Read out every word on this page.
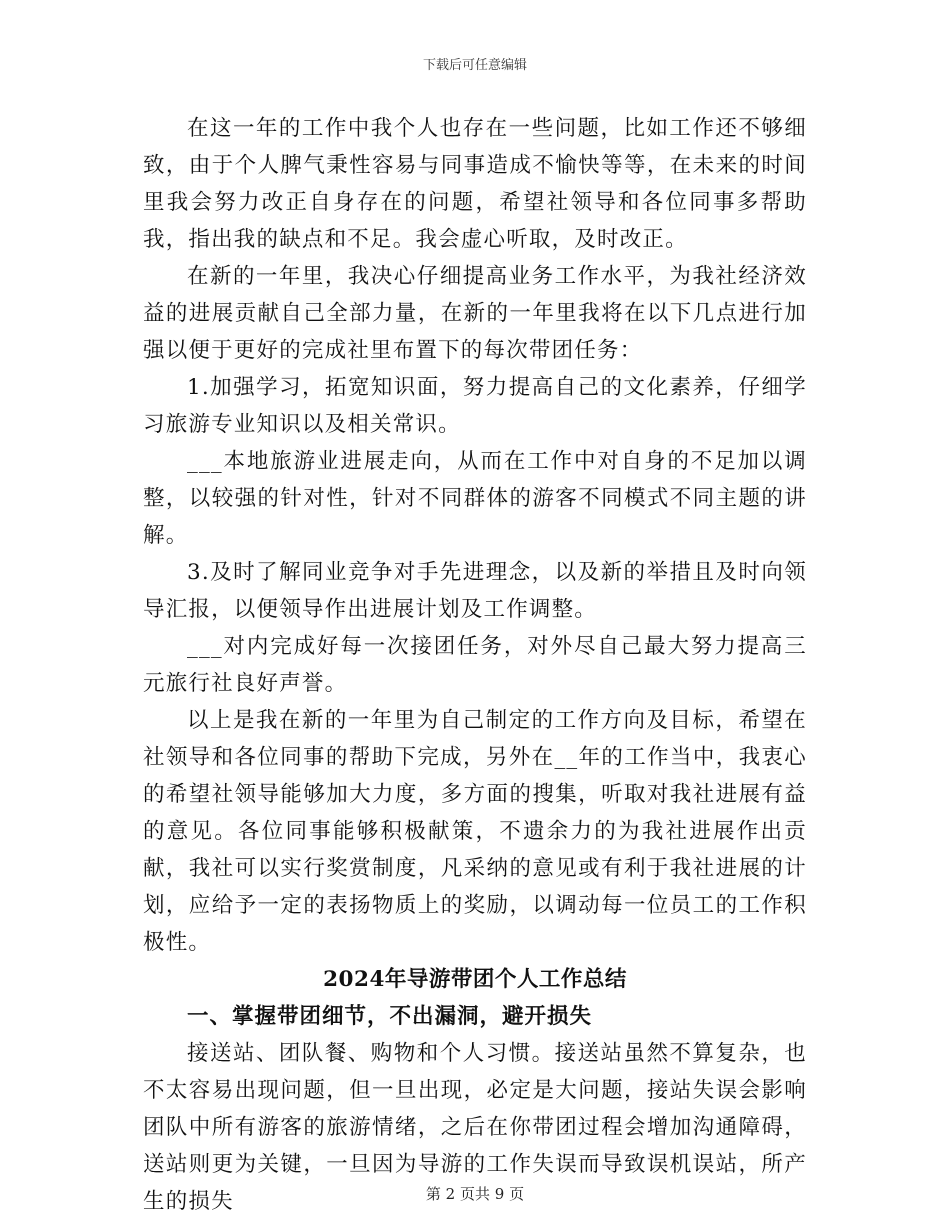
下载后可任意编辑

在这一年的工作中我个人也存在一些问题，比如工作还不够细致，由于个人脾气秉性容易与同事造成不愉快等等，在未来的时间里我会努力改正自身存在的问题，希望社领导和各位同事多帮助我，指出我的缺点和不足。我会虚心听取，及时改正。

在新的一年里，我决心仔细提高业务工作水平，为我社经济效益的进展贡献自己全部力量，在新的一年里我将在以下几点进行加强以便于更好的完成社里布置下的每次带团任务：

1.加强学习，拓宽知识面，努力提高自己的文化素养，仔细学习旅游专业知识以及相关常识。

___本地旅游业进展走向，从而在工作中对自身的不足加以调整，以较强的针对性，针对不同群体的游客不同模式不同主题的讲解。

3.及时了解同业竞争对手先进理念，以及新的举措且及时向领导汇报，以便领导作出进展计划及工作调整。

___对内完成好每一次接团任务，对外尽自己最大努力提高三元旅行社良好声誉。

以上是我在新的一年里为自己制定的工作方向及目标，希望在社领导和各位同事的帮助下完成，另外在__年的工作当中，我衷心的希望社领导能够加大力度，多方面的搜集，听取对我社进展有益的意见。各位同事能够积极献策，不遗余力的为我社进展作出贡献，我社可以实行奖赏制度，凡采纳的意见或有利于我社进展的计划，应给予一定的表扬物质上的奖励，以调动每一位员工的工作积极性。

2024年导游带团个人工作总结

一、掌握带团细节，不出漏洞，避开损失

接送站、团队餐、购物和个人习惯。接送站虽然不算复杂，也不太容易出现问题，但一旦出现，必定是大问题，接站失误会影响团队中所有游客的旅游情绪，之后在你带团过程会增加沟通障碍，送站则更为关键，一旦因为导游的工作失误而导致误机误站，所产生的损失	第 2 页共 9 页
